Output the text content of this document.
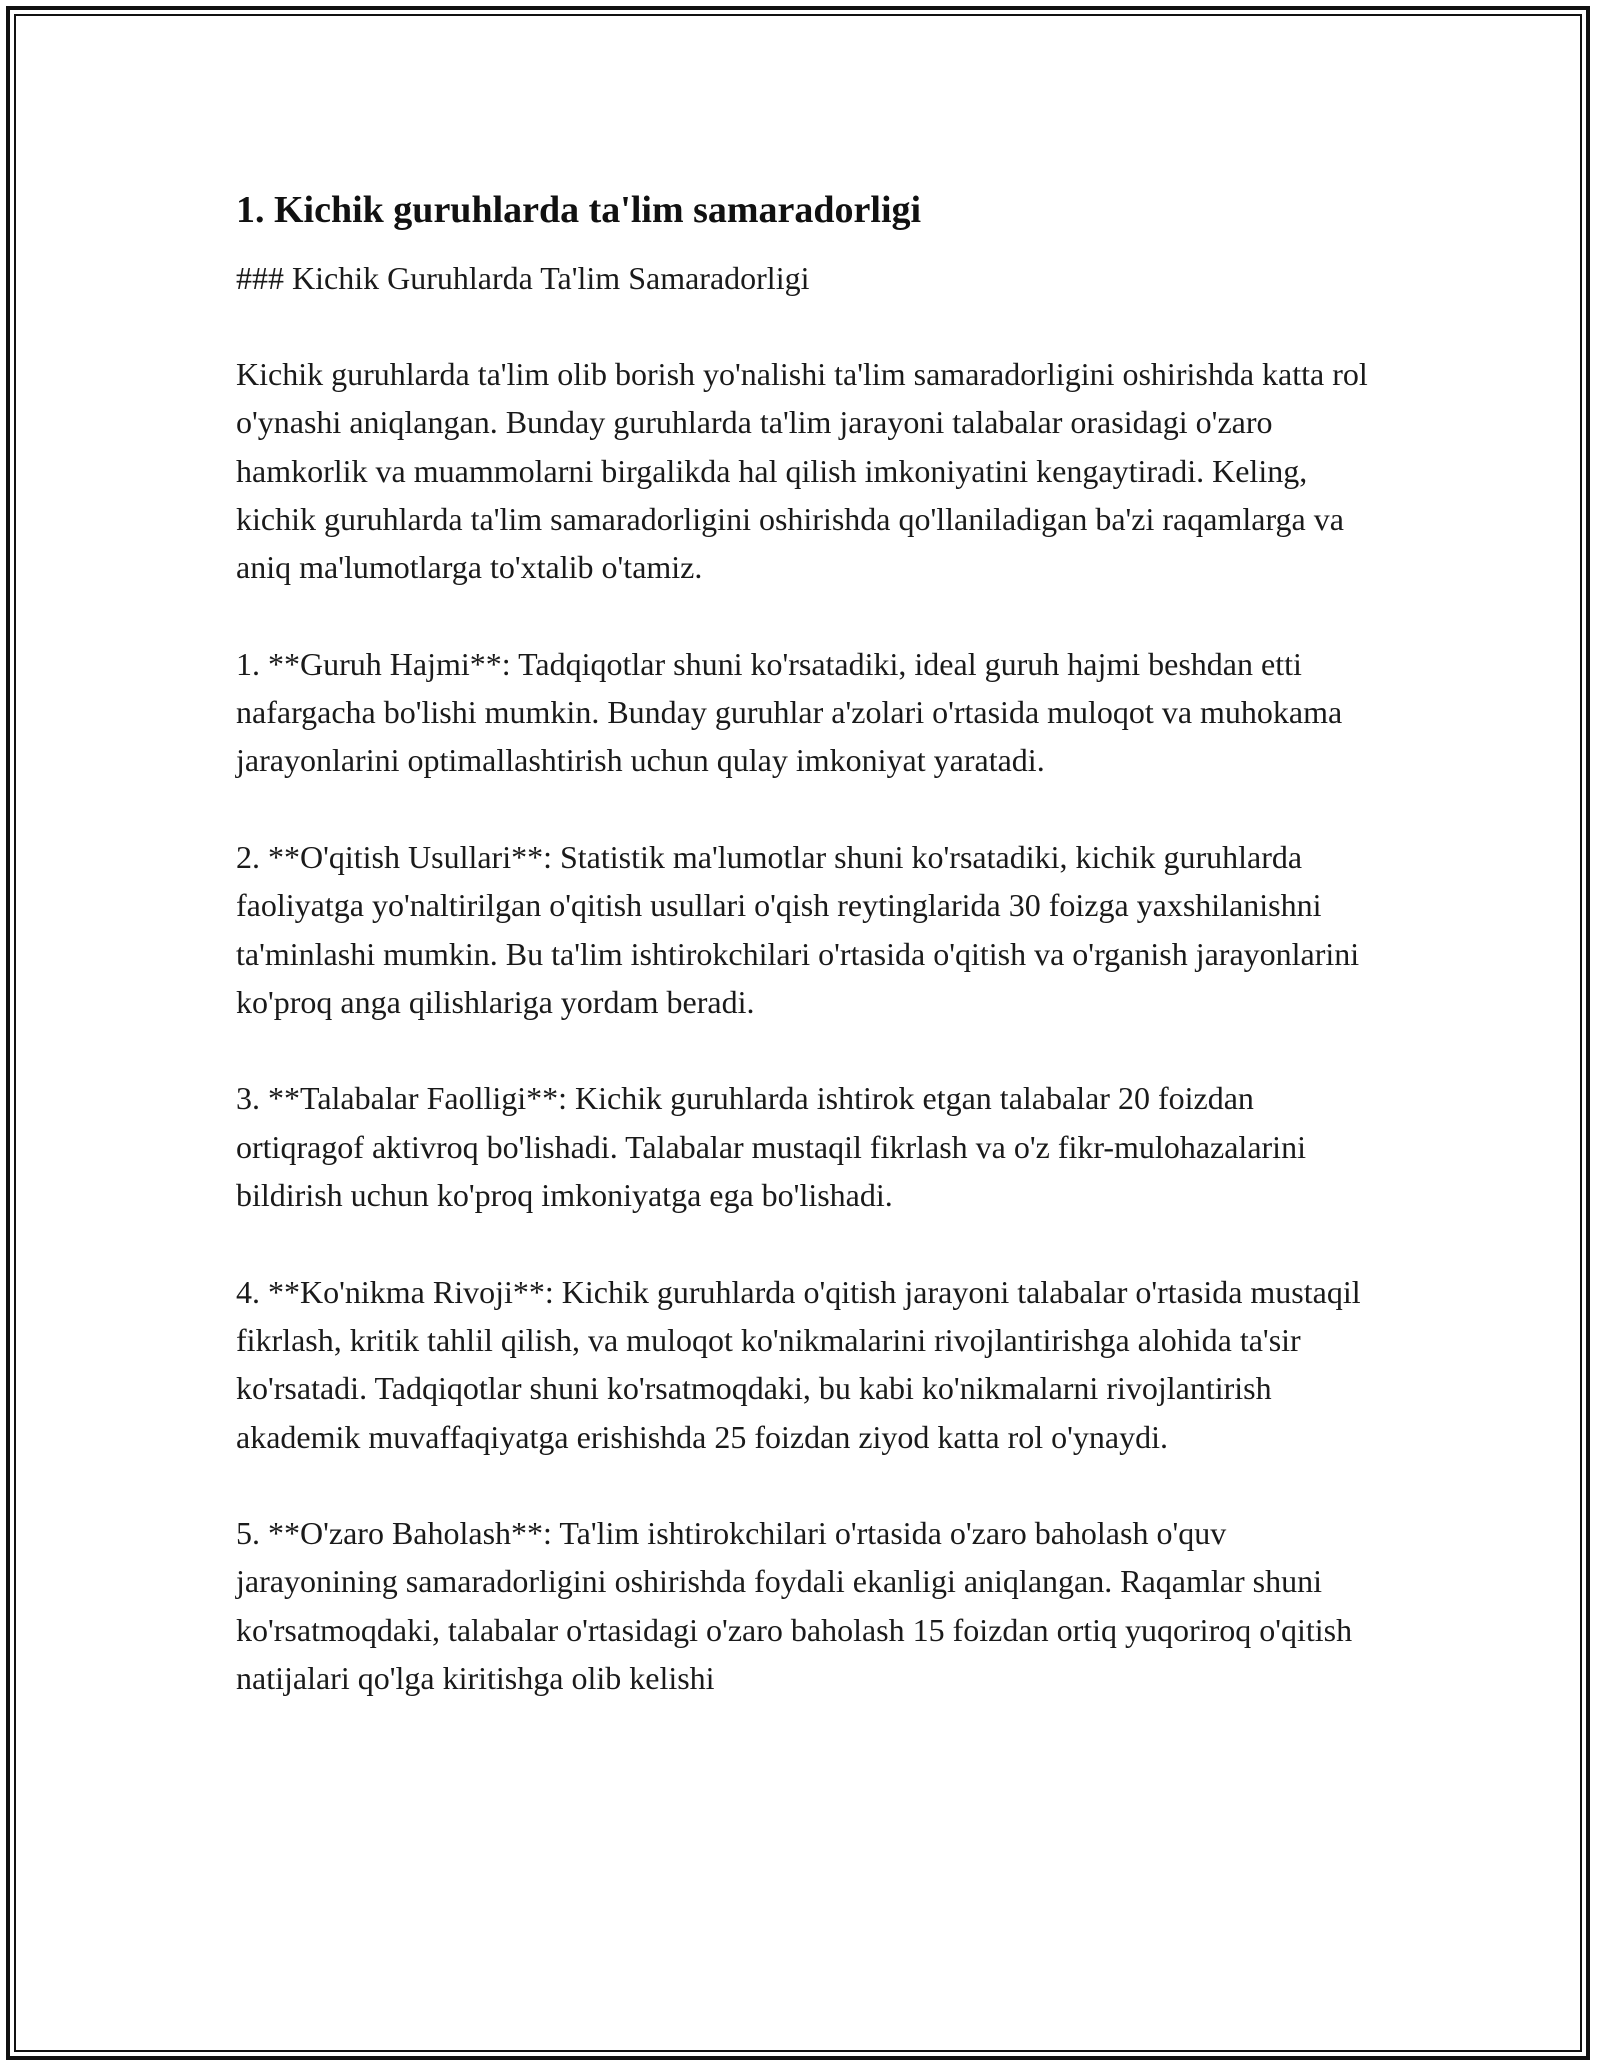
1. Kichik guruhlarda ta'lim samaradorligi

### Kichik Guruhlarda Ta'lim Samaradorligi

Kichik guruhlarda ta'lim olib borish yo'nalishi ta'lim samaradorligini oshirishda katta rol o'ynashi aniqlangan. Bunday guruhlarda ta'lim jarayoni talabalar orasidagi o'zaro hamkorlik va muammolarni birgalikda hal qilish imkoniyatini kengaytiradi. Keling, kichik guruhlarda ta'lim samaradorligini oshirishda qo'llaniladigan ba'zi raqamlarga va aniq ma'lumotlarga to'xtalib o'tamiz.

1. **Guruh Hajmi**: Tadqiqotlar shuni ko'rsatadiki, ideal guruh hajmi beshdan etti nafargacha bo'lishi mumkin. Bunday guruhlar a'zolari o'rtasida muloqot va muhokama jarayonlarini optimallashtirish uchun qulay imkoniyat yaratadi.

2. **O'qitish Usullari**: Statistik ma'lumotlar shuni ko'rsatadiki, kichik guruhlarda faoliyatga yo'naltirilgan o'qitish usullari o'qish reytinglarida 30 foizga yaxshilanishni ta'minlashi mumkin. Bu ta'lim ishtirokchilari o'rtasida o'qitish va o'rganish jarayonlarini ko'proq anga qilishlariga yordam beradi.

3. **Talabalar Faolligi**: Kichik guruhlarda ishtirok etgan talabalar 20 foizdan ortiqragof aktivroq bo'lishadi. Talabalar mustaqil fikrlash va o'z fikr-mulohazalarini bildirish uchun ko'proq imkoniyatga ega bo'lishadi.

4. **Ko'nikma Rivoji**: Kichik guruhlarda o'qitish jarayoni talabalar o'rtasida mustaqil fikrlash, kritik tahlil qilish, va muloqot ko'nikmalarini rivojlantirishga alohida ta'sir ko'rsatadi. Tadqiqotlar shuni ko'rsatmoqdaki, bu kabi ko'nikmalarni rivojlantirish akademik muvaffaqiyatga erishishda 25 foizdan ziyod katta rol o'ynaydi.

5. **O'zaro Baholash**: Ta'lim ishtirokchilari o'rtasida o'zaro baholash o'quv jarayonining samaradorligini oshirishda foydali ekanligi aniqlangan. Raqamlar shuni ko'rsatmoqdaki, talabalar o'rtasidagi o'zaro baholash 15 foizdan ortiq yuqoriroq o'qitish natijalari qo'lga kiritishga olib kelishi
